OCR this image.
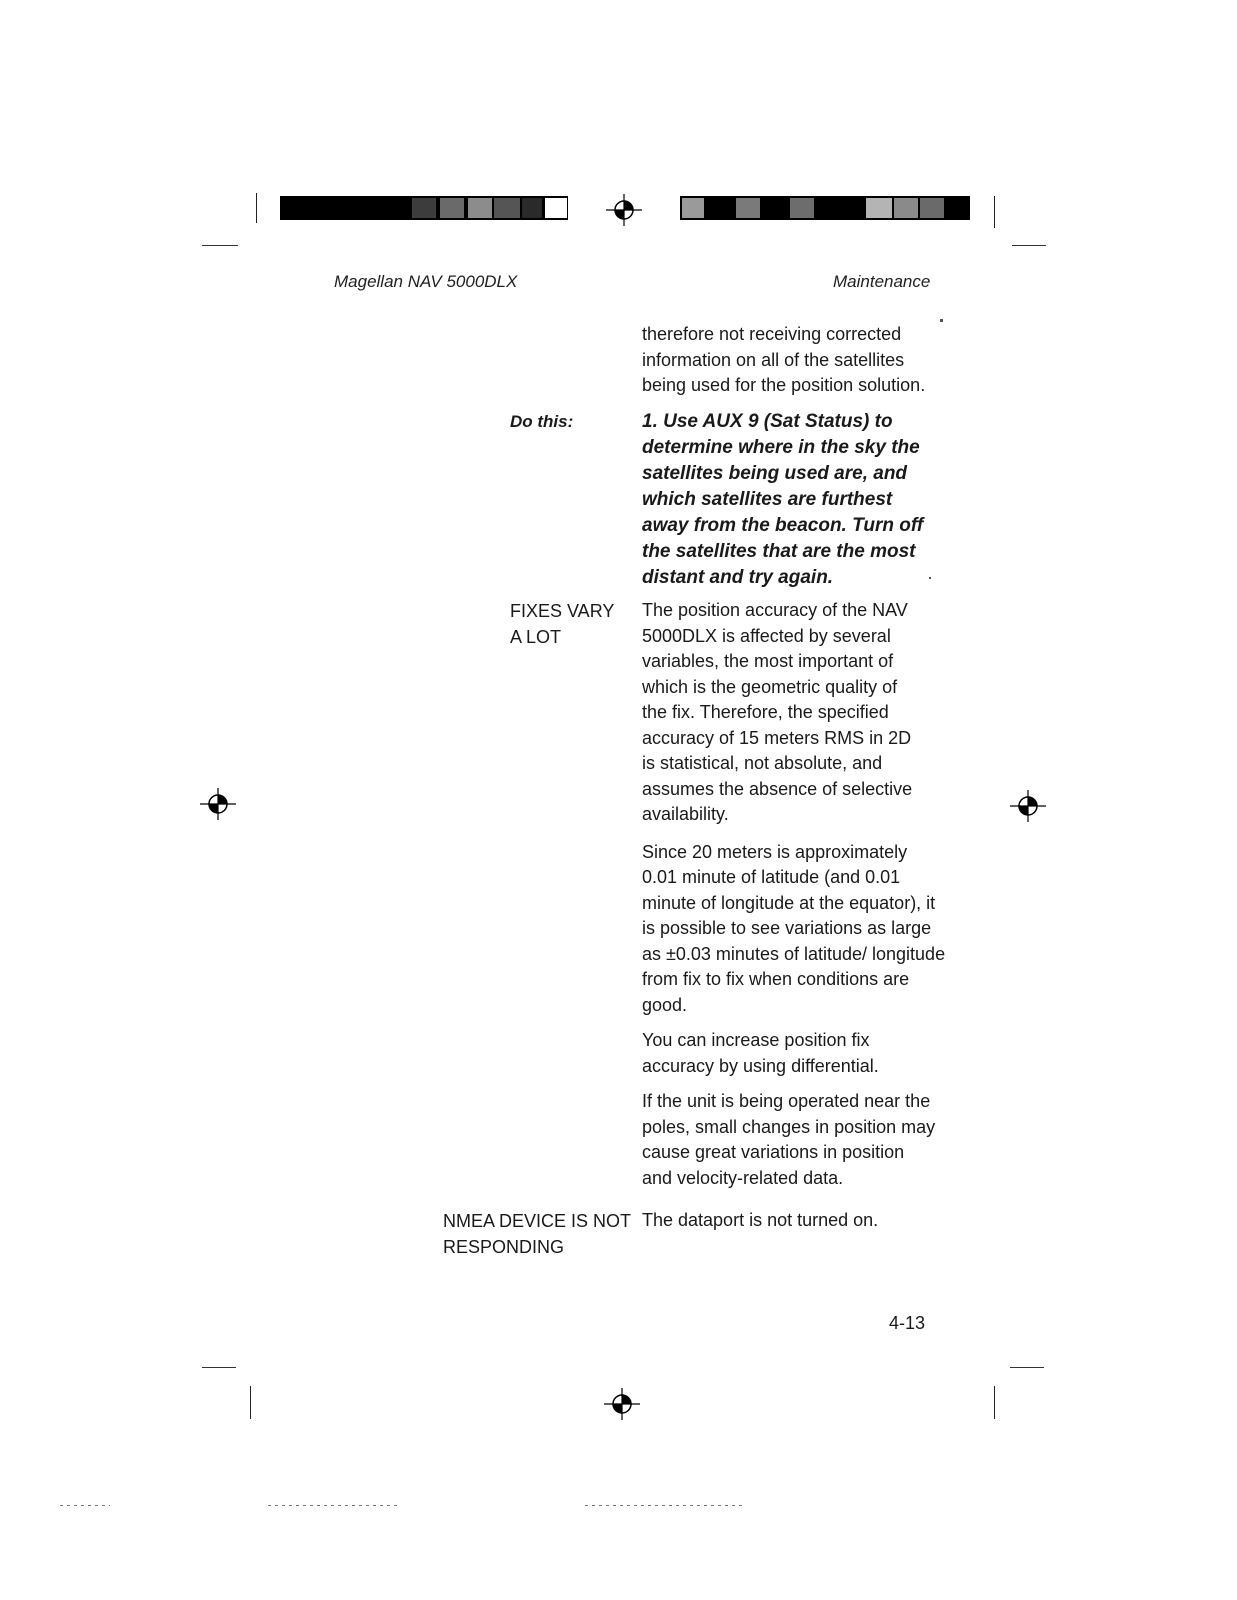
Magellan NAV 5000DLX	Maintenance

therefore not receiving corrected information on all of the satellites being used for the position solution.

Do this:	1. Use AUX 9 (Sat Status) to determine where in the sky the satellites being used are, and which satellites are furthest away from the beacon. Turn off the satellites that are the most distant and try again.
FIXES VARY
A LOT

The position accuracy of the NAV 5000DLX is affected by several variables, the most important of which is the geometric quality of the fix. Therefore, the specified accuracy of 15 meters RMS in 2D is statistical, not absolute, and assumes the absence of selective availability.

Since 20 meters is approximately 0.01 minute of latitude (and 0.01 minute of longitude at the equator), it is possible to see variations as large as ±0.03 minutes of latitude/ longitude from fix to fix when conditions are good.

You can increase position fix accuracy by using differential.

If the unit is being operated near the poles, small changes in position may cause great variations in position and velocity-related data.

NMEA DEVICE IS NOT
RESPONDING
The dataport is not turned on.
4-13
